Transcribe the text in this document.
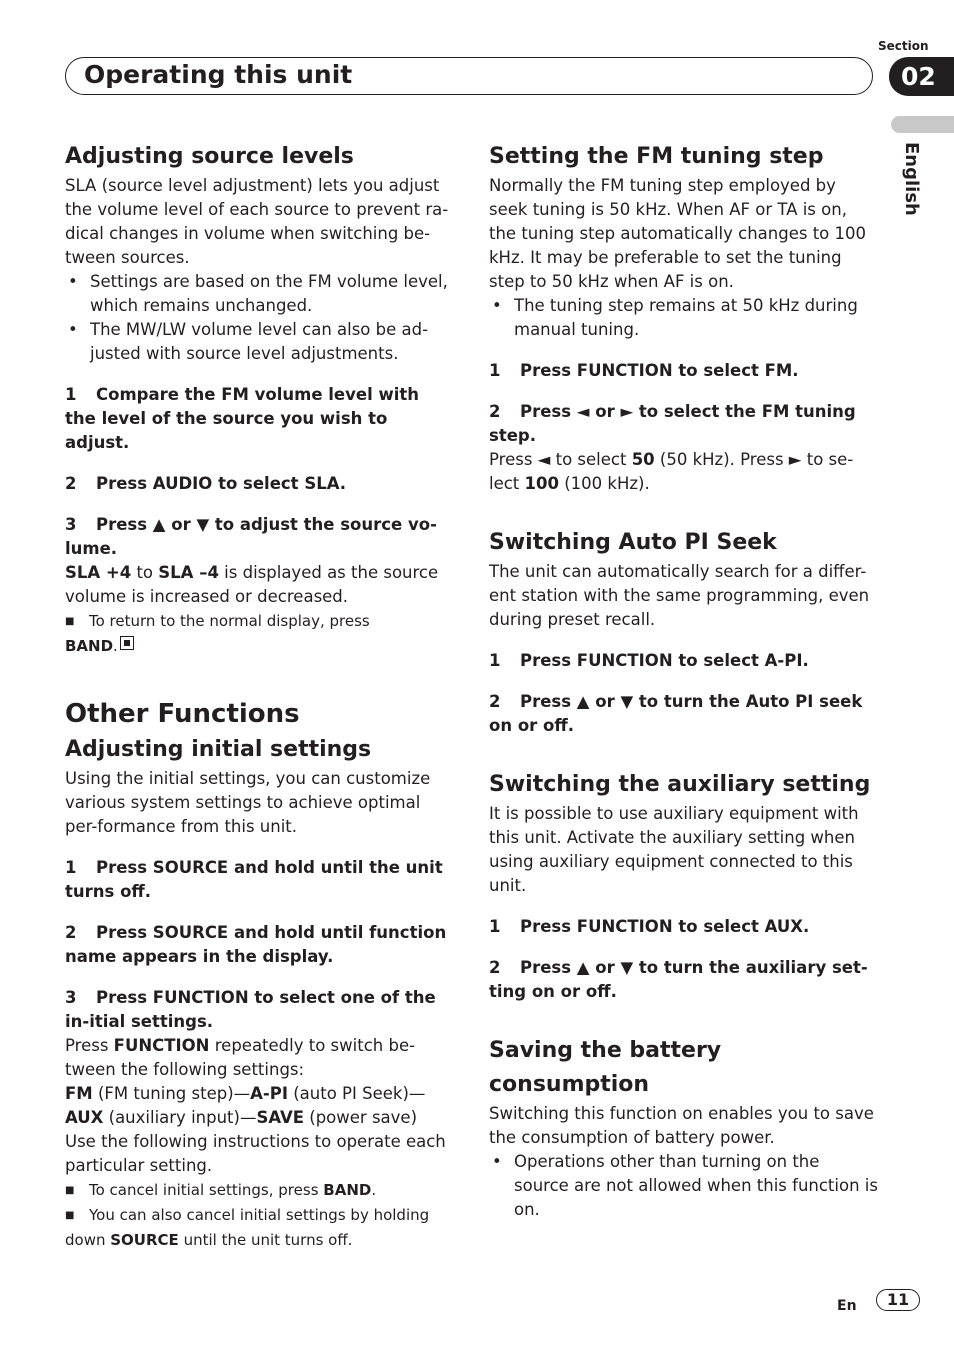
Section
Operating this unit	02
English
Adjusting source levels

SLA (source level adjustment) lets you adjust the volume level of each source to prevent ra-dical changes in volume when switching be-tween sources.

• Settings are based on the FM volume level, which remains unchanged.
• The MW/LW volume level can also be ad-justed with source level adjustments.
1 Compare the FM volume level with the level of the source you wish to adjust.
2 Press AUDIO to select SLA.
3 Press ▲ or ▼ to adjust the source vo-lume.

SLA +4 to SLA –4 is displayed as the source volume is increased or decreased.

■ To return to the normal display, press
BAND.
Other Functions
Adjusting initial settings

Using the initial settings, you can customize various system settings to achieve optimal per-formance from this unit.

1 Press SOURCE and hold until the unit turns off.
2 Press SOURCE and hold until function name appears in the display.
3 Press FUNCTION to select one of the in-itial settings.

Press FUNCTION repeatedly to switch be-tween the following settings:

FM (FM tuning step)—A-PI (auto PI Seek)—
AUX (auxiliary input)—SAVE (power save)

Use the following instructions to operate each particular setting.

■ To cancel initial settings, press BAND.
■ You can also cancel initial settings by holding down SOURCE until the unit turns off.
Setting the FM tuning step

Normally the FM tuning step employed by seek tuning is 50 kHz. When AF or TA is on, the tuning step automatically changes to 100 kHz. It may be preferable to set the tuning step to 50 kHz when AF is on.

• The tuning step remains at 50 kHz during manual tuning.
1 Press FUNCTION to select FM.
2 Press ◄ or ► to select the FM tuning step.

Press ◄ to select 50 (50 kHz). Press ► to se-lect 100 (100 kHz).

Switching Auto PI Seek

The unit can automatically search for a differ-ent station with the same programming, even during preset recall.

1 Press FUNCTION to select A-PI.
2 Press ▲ or ▼ to turn the Auto PI seek on or off.
Switching the auxiliary setting

It is possible to use auxiliary equipment with this unit. Activate the auxiliary setting when using auxiliary equipment connected to this unit.

1 Press FUNCTION to select AUX.
2 Press ▲ or ▼ to turn the auxiliary set-ting on or off.
Saving the battery consumption

Switching this function on enables you to save the consumption of battery power.

• Operations other than turning on the source are not allowed when this function is on.
En	11
